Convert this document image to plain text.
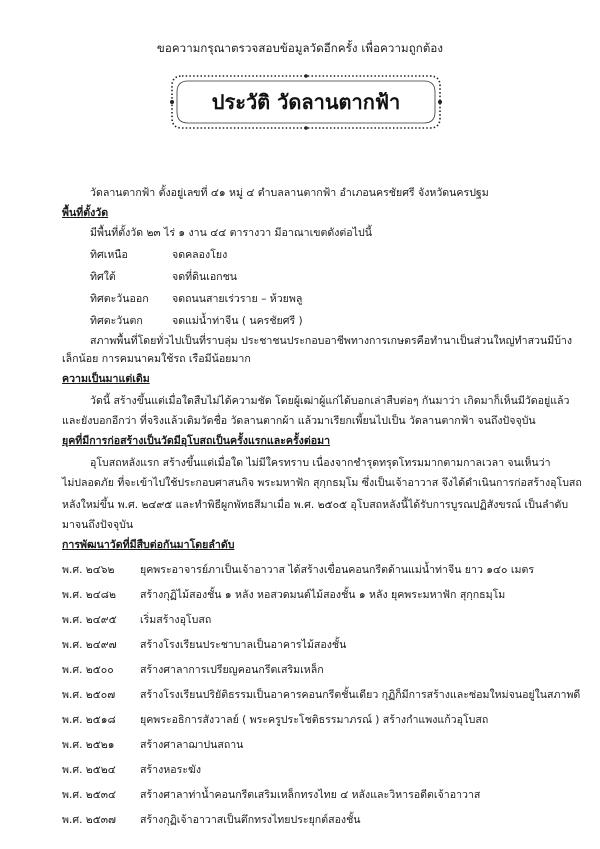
ขอความกรุณาตรวจสอบข้อมูลวัดอีกครั้ง เพื่อความถูกต้อง
ประวัติ วัดลานตากฟ้า
วัดลานตากฟ้า ตั้งอยู่เลขที่ ๔๑ หมู่ ๔ ตำบลลานตากฟ้า อำเภอนครชัยศรี จังหวัดนครปฐม
พื้นที่ตั้งวัด
มีพื้นที่ตั้งวัด ๒๓ ไร่ ๑ งาน ๔๔ ตารางวา มีอาณาเขตดังต่อไปนี้
ทิศเหนือ	จดคลองโยง
ทิศใต้	จดที่ดินเอกชน
ทิศตะวันออก จดถนนสายเร่วราย – ห้วยพลู
ทิศตะวันตก	จดแม่น้ำท่าจีน ( นครชัยศรี )
สภาพพื้นที่โดยทั่วไปเป็นที่ราบลุ่ม ประชาชนประกอบอาชีพทางการเกษตรคือทำนาเป็นส่วนใหญ่ทำสวนมีบ้าง
เล็กน้อย การคมนาคมใช้รถ เรือมีน้อยมาก
ความเป็นมาแต่เดิม
วัดนี้ สร้างขึ้นแต่เมื่อใดสืบไม่ได้ความชัด โดยผู้เฒ่าผู้แก่ได้บอกเล่าสืบต่อๆ กันมาว่า เกิดมาก็เห็นมีวัดอยู่แล้ว
และยังบอกอีกว่า ที่จริงแล้วเดิมวัดชื่อ วัดลานตากผ้า แล้วมาเรียกเพี้ยนไปเป็น วัดลานตากฟ้า จนถึงปัจจุบัน
ยุคที่มีการก่อสร้างเป็นวัดมีอุโบสถเป็นครั้งแรกและครั้งต่อมา
อุโบสถหลังแรก สร้างขึ้นแต่เมื่อใด ไม่มีใครทราบ เนื่องจากชำรุดทรุดโทรมมากตามกาลเวลา จนเห็นว่า
ไม่ปลอดภัย ที่จะเข้าไปใช้ประกอบศาสนกิจ พระมหาฟัก สุกฺกธมฺโม ซึ่งเป็นเจ้าอาวาส จึงได้ดำเนินการก่อสร้างอุโบสถ
หลังใหม่ขึ้น พ.ศ. ๒๔๙๕ และทำพิธีผูกพัทธสีมาเมื่อ พ.ศ. ๒๕๐๕ อุโบสถหลังนี้ได้รับการบูรณปฏิสังขรณ์ เป็นลำดับ
มาจนถึงปัจจุบัน
การพัฒนาวัดที่มีสืบต่อกันมาโดยลำดับ
พ.ศ. ๒๔๖๒ ยุคพระอาจารย์ภาเป็นเจ้าอาวาส ได้สร้างเขื่อนคอนกรีตด้านแม่น้ำท่าจีน ยาว ๑๔๐ เมตร
พ.ศ. ๒๔๘๒ สร้างกุฏิไม้สองชั้น ๑ หลัง หอสวดมนต์ไม้สองชั้น ๑ หลัง ยุคพระมหาฟัก สุกฺกธมฺโม
พ.ศ. ๒๔๙๕ เริ่มสร้างอุโบสถ
พ.ศ. ๒๔๙๗ สร้างโรงเรียนประชาบาลเป็นอาคารไม้สองชั้น
พ.ศ. ๒๕๐๐ สร้างศาลาการเปรียญคอนกรีตเสริมเหล็ก
พ.ศ. ๒๕๐๗ สร้างโรงเรียนปริยัติธรรมเป็นอาคารคอนกรีตชั้นเดียว กุฏิก็มีการสร้างและซ่อมใหม่จนอยู่ในสภาพดี
พ.ศ. ๒๕๑๘ ยุคพระอธิการสังวาลย์ ( พระครูประโชติธรรมาภรณ์ ) สร้างกำแพงแก้วอุโบสถ
พ.ศ. ๒๕๒๑ สร้างศาลาฌาปนสถาน
พ.ศ. ๒๕๒๔ สร้างหอระฆัง
พ.ศ. ๒๕๓๔ สร้างศาลาท่าน้ำคอนกรีตเสริมเหล็กทรงไทย ๔ หลังและวิหารอดีตเจ้าอาวาส
พ.ศ. ๒๕๓๗ สร้างกุฏิเจ้าอาวาสเป็นตึกทรงไทยประยุกต์สองชั้น
